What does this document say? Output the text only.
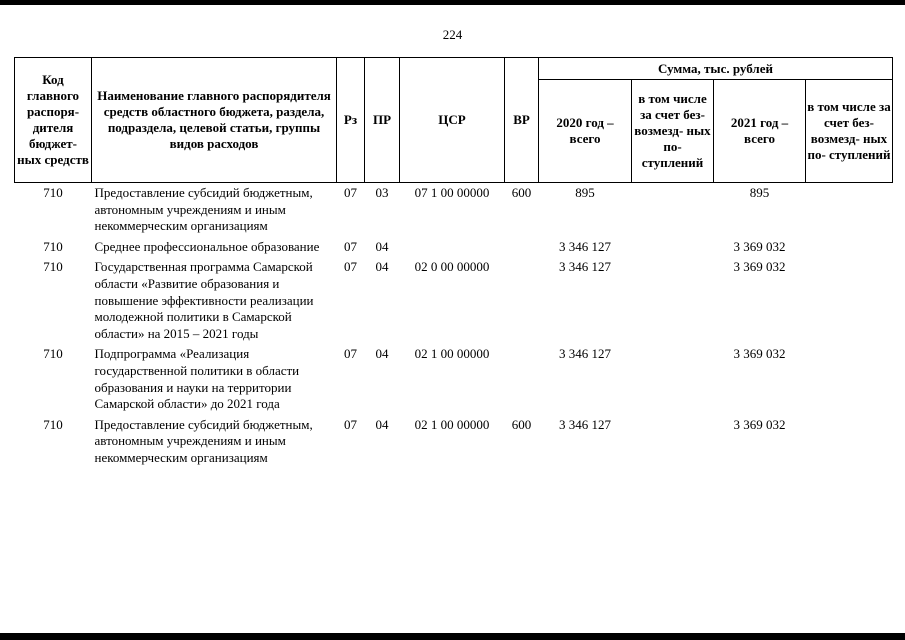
224
Код главного распоря- дителя бюджет- ных средств	Наименование главного распорядителя средств областного бюджета, раздела, подраздела, целевой статьи, группы видов расходов	Рз	ПР	ЦСР	ВР	Сумма, тыс. рублей			
						2020 год – всего	в том числе за счет без- возмезд- ных по- ступлений	2021 год – всего	в том числе за счет без- возмезд- ных по- ступлений
710	Предоставление субсидий бюджетным, автономным учреждениям и иным некоммерческим организациям	07	03	07 1 00 00000	600	895		895	
710	Среднее профессиональное образование	07	04			3 346 127		3 369 032	
710	Государственная программа Самарской области «Развитие образования и повышение эффективности реализации молодежной политики в Самарской области» на 2015 – 2021 годы	07	04	02 0 00 00000		3 346 127		3 369 032	
710	Подпрограмма «Реализация государственной политики в области образования и науки на территории Самарской области» до 2021 года	07	04	02 1 00 00000		3 346 127		3 369 032	
710	Предоставление субсидий бюджетным, автономным учреждениям и иным некоммерческим организациям	07	04	02 1 00 00000	600	3 346 127		3 369 032	
